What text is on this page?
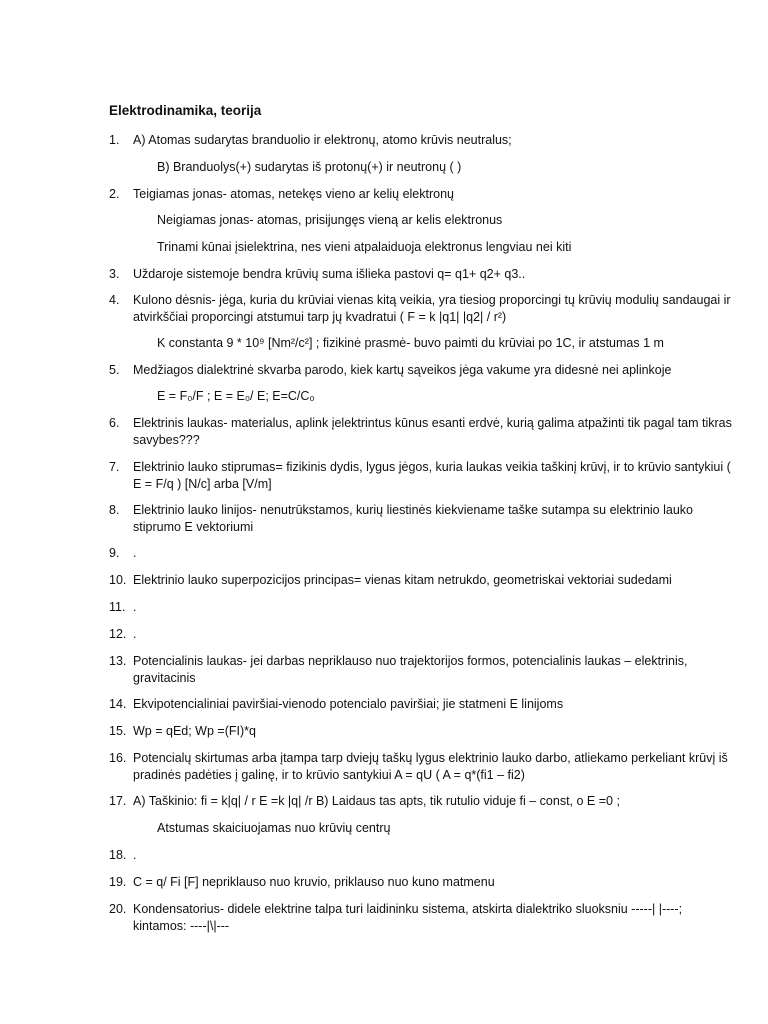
Elektrodinamika, teorija
1.	A) Atomas sudarytas branduolio ir elektronų, atomo krūvis neutralus;
B) Branduolys(+) sudarytas iš protonų(+) ir neutronų ( )
2.	Teigiamas jonas- atomas, netekęs vieno ar kelių elektronų
Neigiamas jonas- atomas, prisijungęs vieną ar kelis elektronus
Trinami kūnai įsielektrina, nes vieni atpalaiduoja elektronus lengviau nei kiti
3.	Uždaroje sistemoje bendra krūvių suma išlieka pastovi q= q1+ q2+ q3..
4.	Kulono dėsnis- jėga, kuria du krūviai vienas kitą veikia, yra tiesiog proporcingi tų krūvių modulių sandaugai ir atvirkščiai proporcingi atstumui tarp jų kvadratui ( F = k |q1| |q2| / r²)
K constanta 9 * 10⁹ [Nm²/c²] ; fizikinė prasmė- buvo paimti du krūviai po 1C, ir atstumas 1 m
5.	Medžiagos dialektrinė skvarba parodo, kiek kartų sąveikos jėga vakume yra didesnė nei aplinkoje
E = F₀/F ; E = E₀/ E; E=C/C₀
6.	Elektrinis laukas- materialus, aplink įelektrintus kūnus esanti erdvė, kurią galima atpažinti tik pagal tam tikras savybes???
7.	Elektrinio lauko stiprumas= fizikinis dydis, lygus jėgos, kuria laukas veikia taškinį krūvį, ir to krūvio santykiui ( E = F/q ) [N/c] arba [V/m]
8.	Elektrinio lauko linijos- nenutrūkstamos, kurių liestinės kiekviename taške sutampa su elektrinio lauko stiprumo E vektoriumi
9.	.
10. Elektrinio lauko superpozicijos principas= vienas kitam netrukdo, geometriskai vektoriai sudedami
11. .
12. .
13. Potencialinis laukas- jei darbas nepriklauso nuo trajektorijos formos, potencialinis laukas – elektrinis, gravitacinis
14. Ekvipotencialiniai paviršiai-vienodo potencialo paviršiai; jie statmeni E linijoms
15. Wp = qEd; Wp =(FI)*q
16. Potencialų skirtumas arba įtampa tarp dviejų taškų lygus elektrinio lauko darbo, atliekamo perkeliant krūvį iš pradinės padėties į galinę, ir to krūvio santykiui A = qU ( A = q*(fi1 – fi2)
17. A) Taškinio: fi = k|q| / r E =k |q| /r B) Laidaus tas apts, tik rutulio viduje fi – const, o E =0 ;
Atstumas skaiciuojamas nuo krūvių centrų
18. .
19. C = q/ Fi [F] nepriklauso nuo kruvio, priklauso nuo kuno matmenu
20. Kondensatorius- didele elektrine talpa turi laidininku sistema, atskirta dialektriko sluoksniu -----| |----; kintamos: ----|\|---
